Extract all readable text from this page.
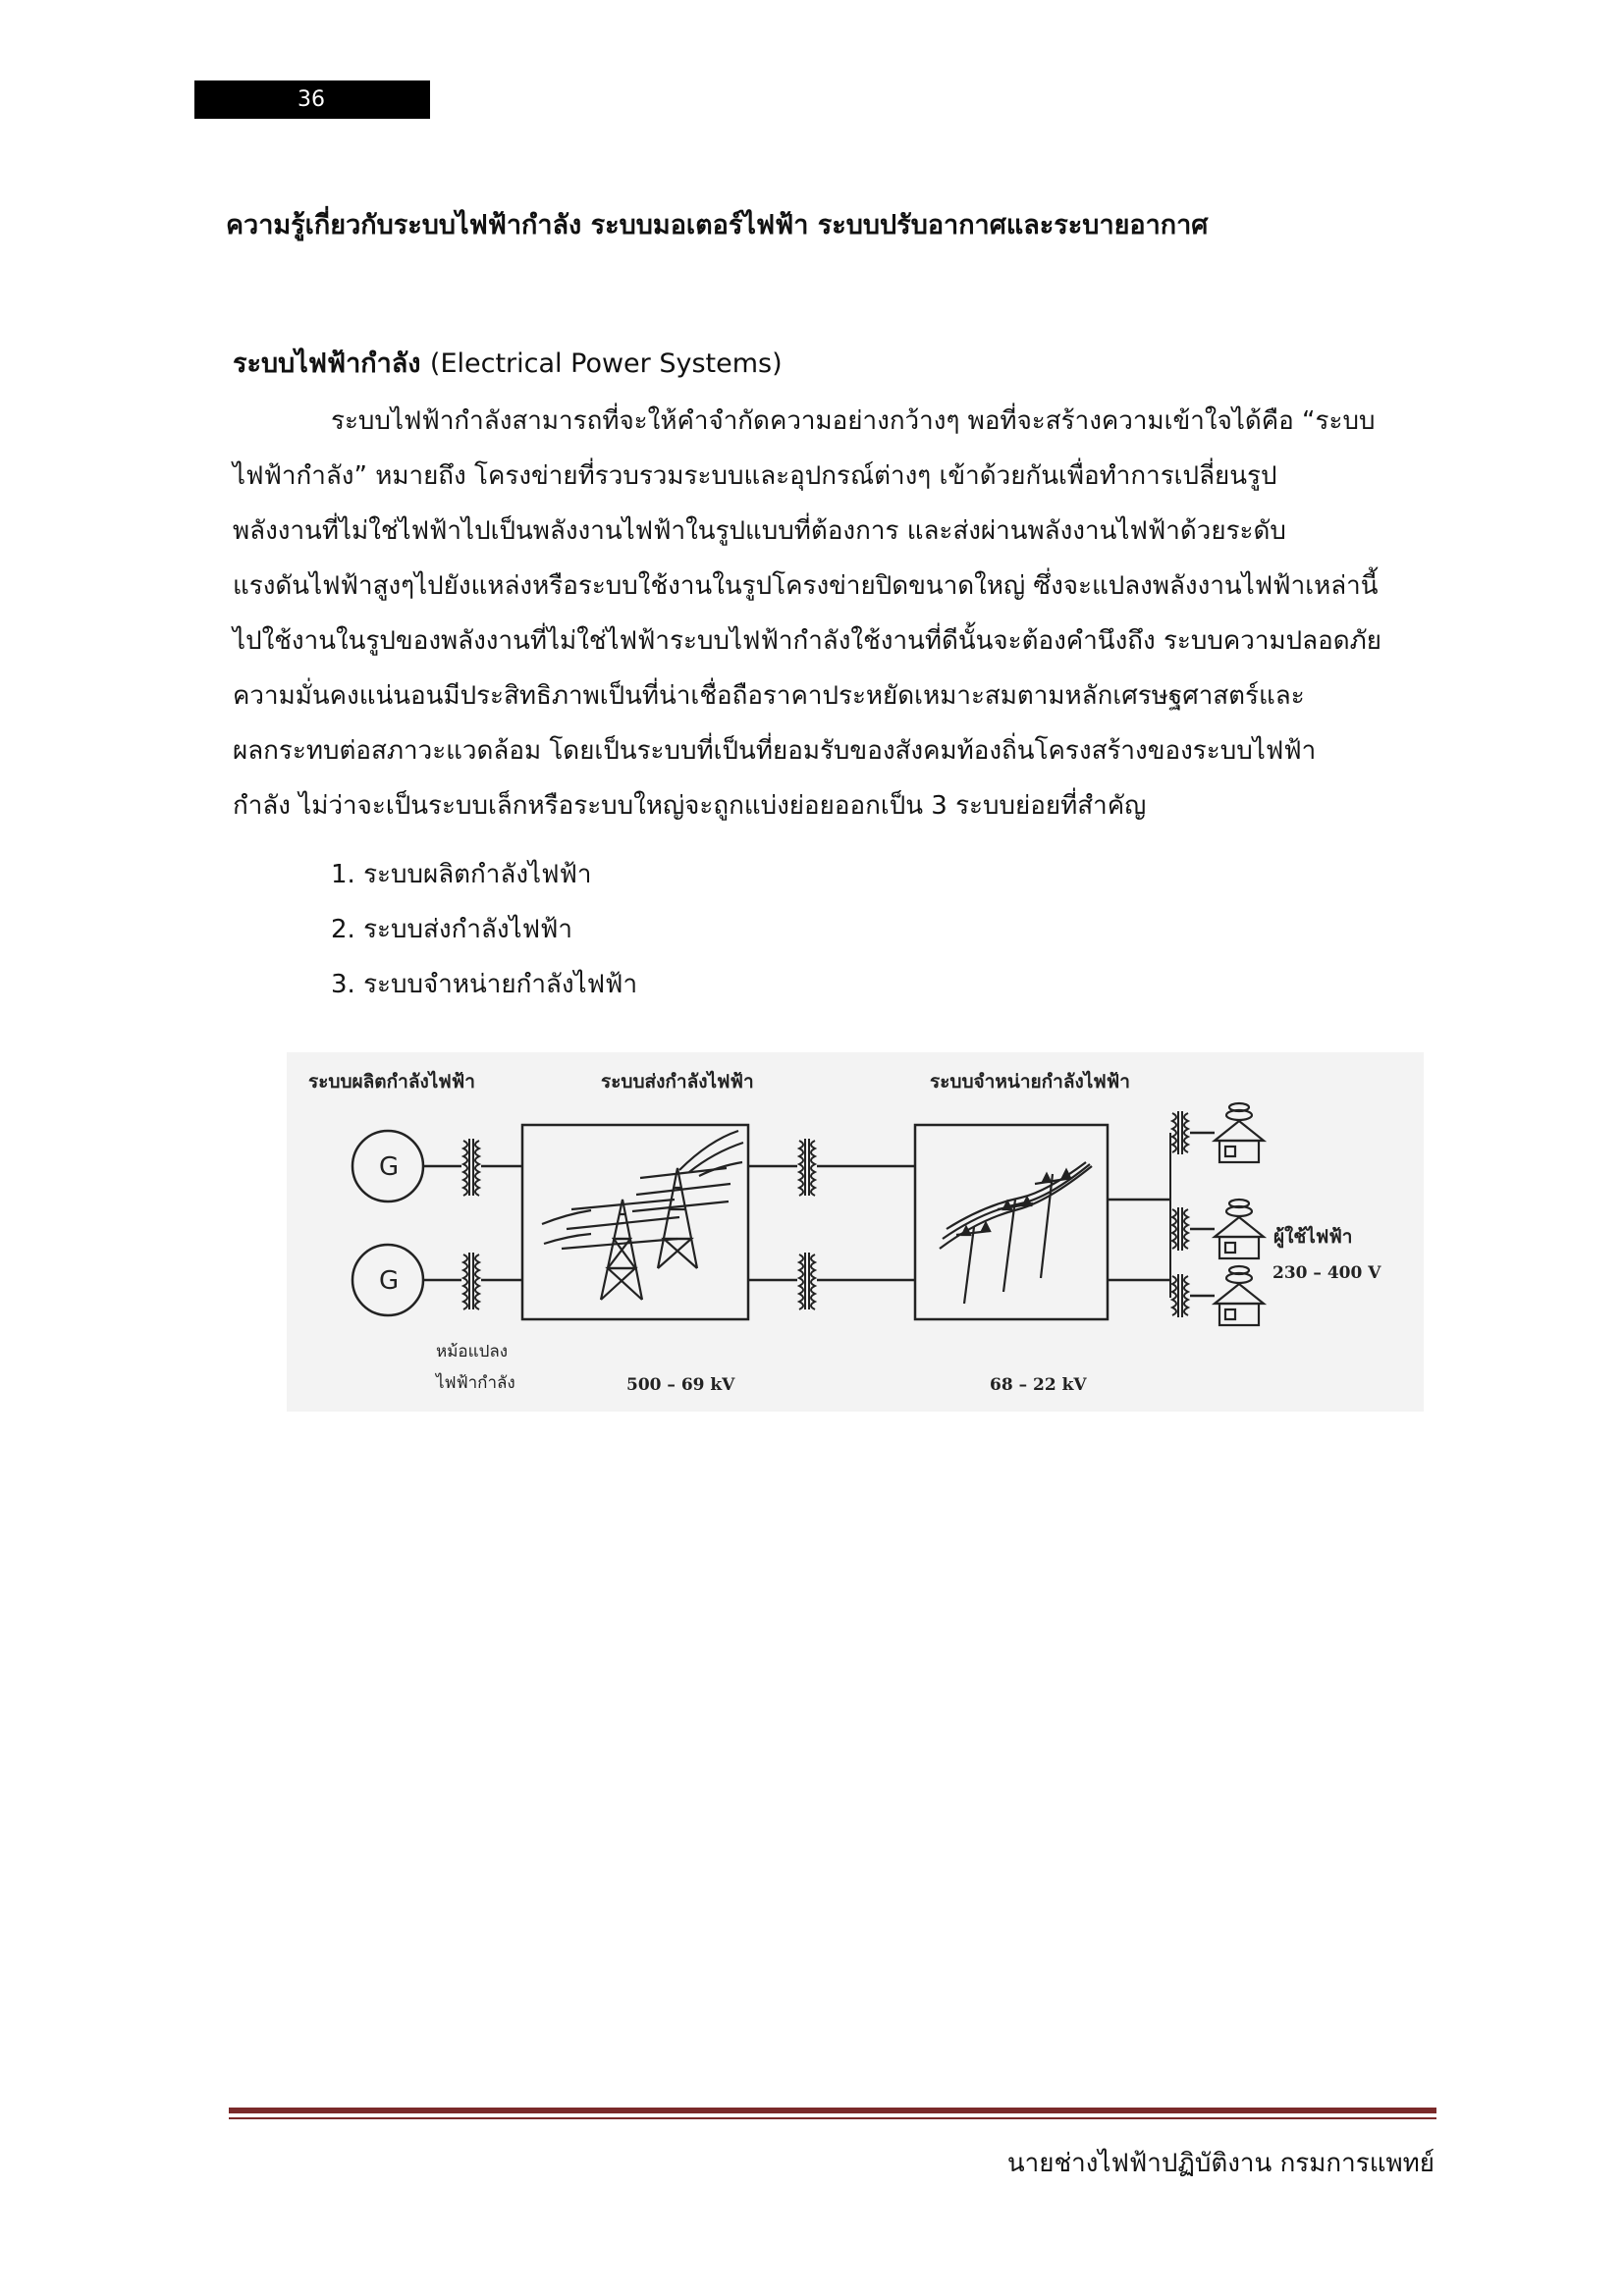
36
ความรู้เกี่ยวกับระบบไฟฟ้ากำลัง ระบบมอเตอร์ไฟฟ้า ระบบปรับอากาศและระบายอากาศ
ระบบไฟฟ้ากำลัง (Electrical Power Systems)
ระบบไฟฟ้ากำลังสามารถที่จะให้คำจำกัดความอย่างกว้างๆ พอที่จะสร้างความเข้าใจได้คือ “ระบบ
ไฟฟ้ากำลัง” หมายถึง โครงข่ายที่รวบรวมระบบและอุปกรณ์ต่างๆ เข้าด้วยกันเพื่อทำการเปลี่ยนรูป
พลังงานที่ไม่ใช่ไฟฟ้าไปเป็นพลังงานไฟฟ้าในรูปแบบที่ต้องการ และส่งผ่านพลังงานไฟฟ้าด้วยระดับ
แรงดันไฟฟ้าสูงๆไปยังแหล่งหรือระบบใช้งานในรูปโครงข่ายปิดขนาดใหญ่ ซึ่งจะแปลงพลังงานไฟฟ้าเหล่านี้
ไปใช้งานในรูปของพลังงานที่ไม่ใช่ไฟฟ้าระบบไฟฟ้ากำลังใช้งานที่ดีนั้นจะต้องคำนึงถึง ระบบความปลอดภัย
ความมั่นคงแน่นอนมีประสิทธิภาพเป็นที่น่าเชื่อถือราคาประหยัดเหมาะสมตามหลักเศรษฐศาสตร์และ
ผลกระทบต่อสภาวะแวดล้อม โดยเป็นระบบที่เป็นที่ยอมรับของสังคมท้องถิ่นโครงสร้างของระบบไฟฟ้า
กำลัง ไม่ว่าจะเป็นระบบเล็กหรือระบบใหญ่จะถูกแบ่งย่อยออกเป็น 3 ระบบย่อยที่สำคัญ
1. ระบบผลิตกำลังไฟฟ้า
2. ระบบส่งกำลังไฟฟ้า
3. ระบบจำหน่ายกำลังไฟฟ้า
ระบบผลิตกำลังไฟฟ้า	ระบบส่งกำลังไฟฟ้า	ระบบจำหน่ายกำลังไฟฟ้า
G
G
หม้อแปลง
ไฟฟ้ากำลัง
ผู้ใช้ไฟฟ้า
230 – 400 V
500 – 69 kV	68 – 22 kV
นายช่างไฟฟ้าปฏิบัติงาน กรมการแพทย์
